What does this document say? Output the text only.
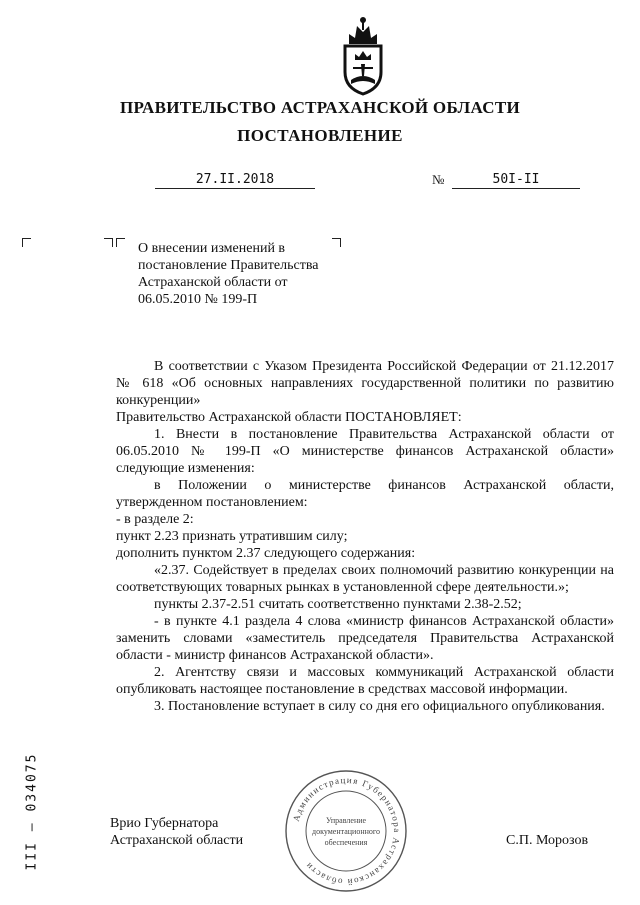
ПРАВИТЕЛЬСТВО АСТРАХАНСКОЙ ОБЛАСТИ
ПОСТАНОВЛЕНИЕ
27.II.2018	№	50I-II
О внесении изменений в постановление Правительства Астраханской области от 06.05.2010 № 199-П

В соответствии с Указом Президента Российской Федерации от 21.12.2017 № 618 «Об основных направлениях государственной политики по развитию конкуренции»

Правительство Астраханской области ПОСТАНОВЛЯЕТ:

1. Внести в постановление Правительства Астраханской области от 06.05.2010 № 199-П «О министерстве финансов Астраханской области» следующие изменения:

в Положении о министерстве финансов Астраханской области, утвержденном постановлением:

- в разделе 2:

пункт 2.23 признать утратившим силу;

дополнить пунктом 2.37 следующего содержания:

«2.37. Содействует в пределах своих полномочий развитию конкуренции на соответствующих товарных рынках в установленной сфере деятельности.»;

пункты 2.37-2.51 считать соответственно пунктами 2.38-2.52;

- в пункте 4.1 раздела 4 слова «министр финансов Астраханской области» заменить словами «заместитель председателя Правительства Астраханской области - министр финансов Астраханской области».

2. Агентству связи и массовых коммуникаций Астраханской области опубликовать настоящее постановление в средствах массовой информации.

3. Постановление вступает в силу со дня его официального опубликования.

Врио Губернатора
Астраханской области	С.П. Морозов
III – 034075	Администрация Губернатора Астраханской области
Управление
документационного
обеспечения
